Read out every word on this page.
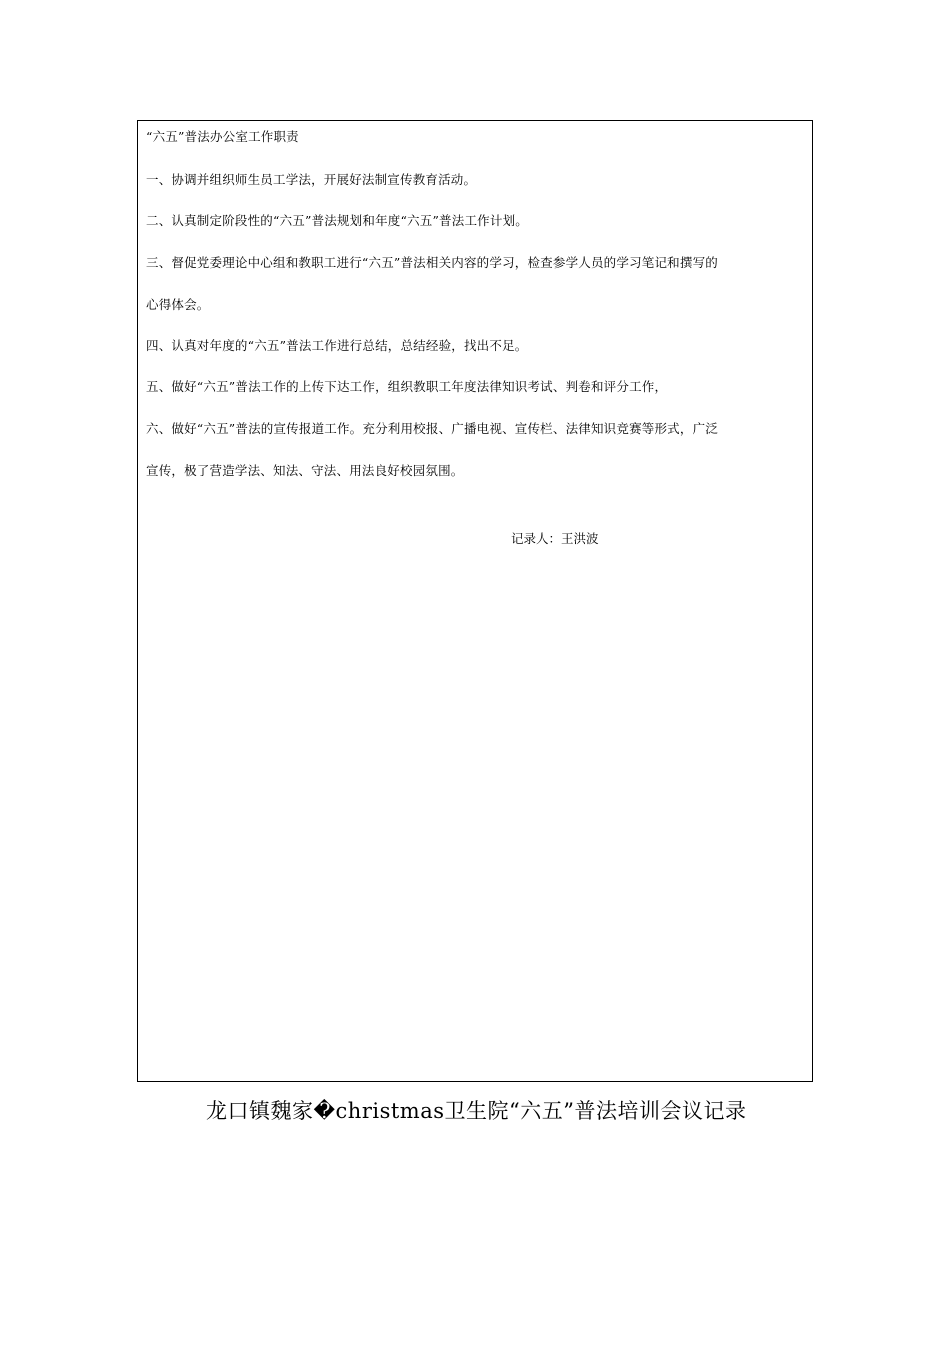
“六五”普法办公室工作职责
一、协调并组织师生员工学法，开展好法制宣传教育活动。
二、认真制定阶段性的“六五”普法规划和年度“六五”普法工作计划。
三、督促党委理论中心组和教职工进行“六五”普法相关内容的学习，检查参学人员的学习笔记和撰写的
心得体会。
四、认真对年度的“六五”普法工作进行总结，总结经验，找出不足。
五、做好“六五”普法工作的上传下达工作，组织教职工年度法律知识考试、判卷和评分工作，
六、做好“六五”普法的宣传报道工作。充分利用校报、广播电视、宣传栏、法律知识竞赛等形式，广泛
宣传，极了营造学法、知法、守法、用法良好校园氛围。
记录人：王洪波
龙口镇魏家�christmas卫生院“六五”普法培训会议记录
